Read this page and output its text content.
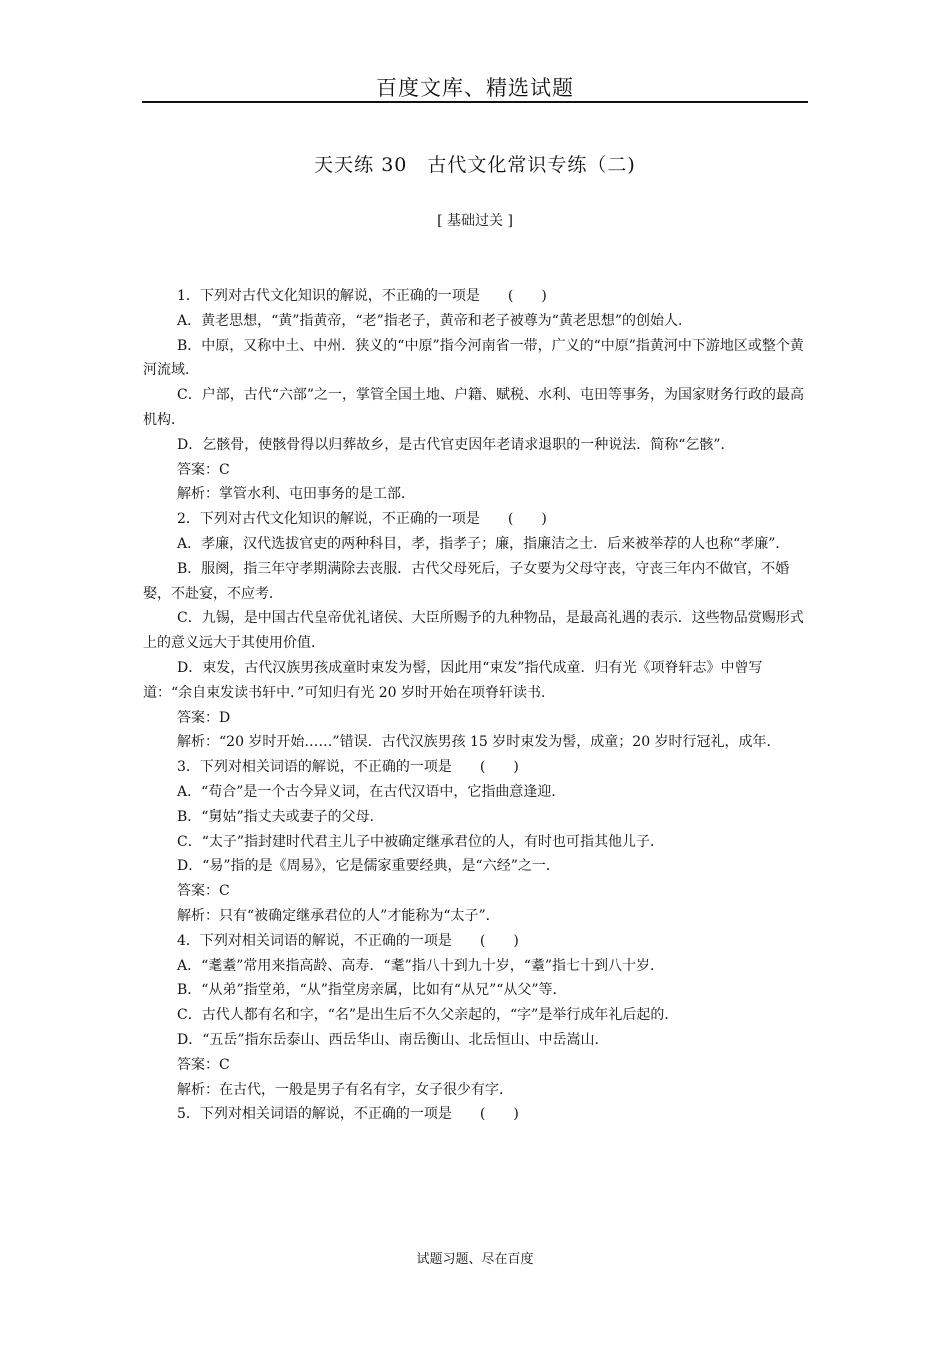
百度文库、精选试题
天天练 30　古代文化常识专练（二)
[ 基础过关 ]

1．下列对古代文化知识的解说，不正确的一项是　　(　　)

A．黄老思想，“黄”指黄帝，“老”指老子，黄帝和老子被尊为“黄老思想”的创始人．

B．中原，又称中土、中州．狭义的“中原”指今河南省一带，广义的“中原”指黄河中下游地区或整个黄河流域．

C．户部，古代“六部”之一，掌管全国土地、户籍、赋税、水利、屯田等事务，为国家财务行政的最高机构．

D．乞骸骨，使骸骨得以归葬故乡，是古代官吏因年老请求退职的一种说法．简称“乞骸”．

答案：C

解析：掌管水利、屯田事务的是工部．

2．下列对古代文化知识的解说，不正确的一项是　　(　　)

A．孝廉，汉代选拔官吏的两种科目，孝，指孝子；廉，指廉洁之士．后来被举荐的人也称“孝廉”．

B．服阕，指三年守孝期满除去丧服．古代父母死后，子女要为父母守丧，守丧三年内不做官，不婚娶，不赴宴，不应考．

C．九锡，是中国古代皇帝优礼诸侯、大臣所赐予的九种物品，是最高礼遇的表示．这些物品赏赐形式上的意义远大于其使用价值．

D．束发，古代汉族男孩成童时束发为髻，因此用“束发”指代成童．归有光《项脊轩志》中曾写道：“余自束发读书轩中．”可知归有光 20 岁时开始在项脊轩读书．

答案：D

解析：“20 岁时开始……”错误．古代汉族男孩 15 岁时束发为髻，成童；20 岁时行冠礼，成年．

3．下列对相关词语的解说，不正确的一项是　　(　　)

A．“苟合”是一个古今异义词，在古代汉语中，它指曲意逢迎．

B．“舅姑”指丈夫或妻子的父母．

C．“太子”指封建时代君主儿子中被确定继承君位的人，有时也可指其他儿子．

D．“易”指的是《周易》，它是儒家重要经典，是“六经”之一．

答案：C

解析：只有“被确定继承君位的人”才能称为“太子”．

4．下列对相关词语的解说，不正确的一项是　　(　　)

A．“耄耋”常用来指高龄、高寿．“耄”指八十到九十岁，“耋”指七十到八十岁．

B．“从弟”指堂弟，“从”指堂房亲属，比如有“从兄”“从父”等．

C．古代人都有名和字，“名”是出生后不久父亲起的，“字”是举行成年礼后起的．

D．“五岳”指东岳泰山、西岳华山、南岳衡山、北岳恒山、中岳嵩山．

答案：C

解析：在古代，一般是男子有名有字，女子很少有字．

5．下列对相关词语的解说，不正确的一项是　　(　　)

试题习题、尽在百度
